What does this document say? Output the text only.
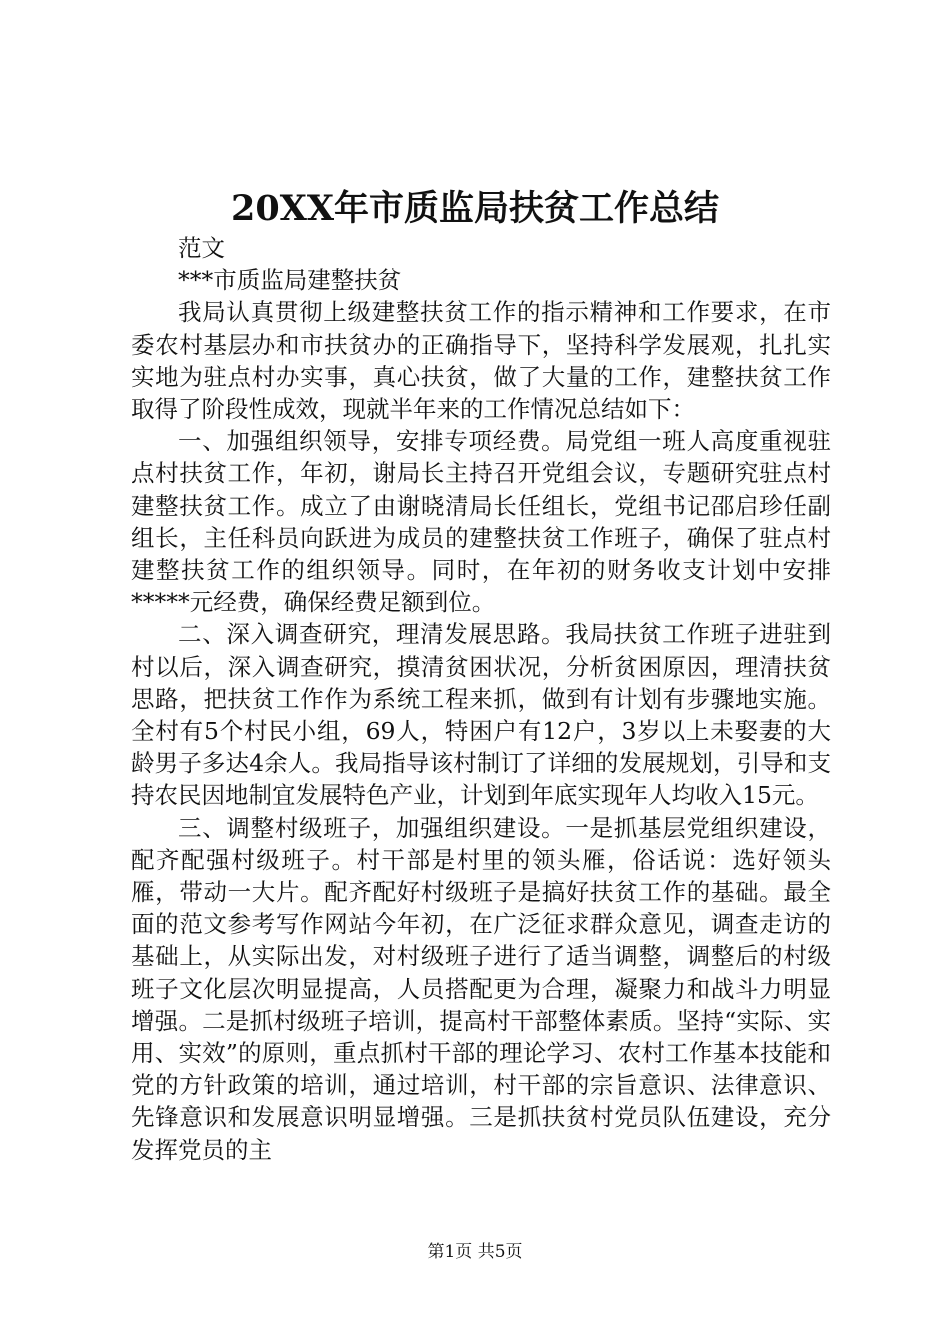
20XX年市质监局扶贫工作总结

范文

***市质监局建整扶贫

我局认真贯彻上级建整扶贫工作的指示精神和工作要求，在市委农村基层办和市扶贫办的正确指导下，坚持科学发展观，扎扎实实地为驻点村办实事，真心扶贫，做了大量的工作，建整扶贫工作取得了阶段性成效，现就半年来的工作情况总结如下：

一、加强组织领导，安排专项经费。局党组一班人高度重视驻点村扶贫工作，年初，谢局长主持召开党组会议，专题研究驻点村建整扶贫工作。成立了由谢晓清局长任组长，党组书记邵启珍任副组长，主任科员向跃进为成员的建整扶贫工作班子，确保了驻点村建整扶贫工作的组织领导。同时，在年初的财务收支计划中安排*****元经费，确保经费足额到位。

二、深入调查研究，理清发展思路。我局扶贫工作班子进驻到村以后，深入调查研究，摸清贫困状况，分析贫困原因，理清扶贫思路，把扶贫工作作为系统工程来抓，做到有计划有步骤地实施。全村有5个村民小组，69人，特困户有12户，3岁以上未娶妻的大龄男子多达4余人。我局指导该村制订了详细的发展规划，引导和支持农民因地制宜发展特色产业，计划到年底实现年人均收入15元。

三、调整村级班子，加强组织建设。一是抓基层党组织建设，配齐配强村级班子。村干部是村里的领头雁，俗话说：选好领头雁，带动一大片。配齐配好村级班子是搞好扶贫工作的基础。最全面的范文参考写作网站今年初，在广泛征求群众意见，调查走访的基础上，从实际出发，对村级班子进行了适当调整，调整后的村级班子文化层次明显提高，人员搭配更为合理，凝聚力和战斗力明显增强。二是抓村级班子培训，提高村干部整体素质。坚持“实际、实用、实效”的原则，重点抓村干部的理论学习、农村工作基本技能和党的方针政策的培训，通过培训，村干部的宗旨意识、法律意识、先锋意识和发展意识明显增强。三是抓扶贫村党员队伍建设，充分发挥党员的主

第1页 共5页
